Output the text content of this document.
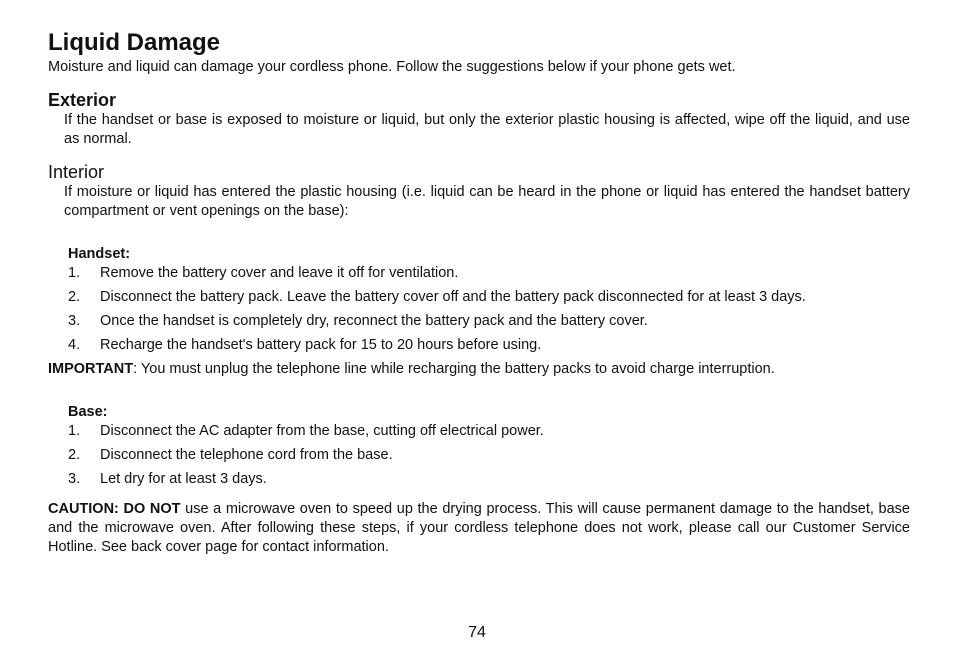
Liquid Damage

Moisture and liquid can damage your cordless phone. Follow the suggestions below if your phone gets wet.

Exterior

If the handset or base is exposed to moisture or liquid, but only the exterior plastic housing is affected, wipe off the liquid, and use as normal.

Interior

If moisture or liquid has entered the plastic housing (i.e. liquid can be heard in the phone or liquid has entered the handset battery compartment or vent openings on the base):

Handset:
1. Remove the battery cover and leave it off for ventilation.
2. Disconnect the battery pack. Leave the battery cover off and the battery pack disconnected for at least 3 days.
3. Once the handset is completely dry, reconnect the battery pack and the battery cover.
4. Recharge the handset's battery pack for 15 to 20 hours before using.

IMPORTANT: You must unplug the telephone line while recharging the battery packs to avoid charge interruption.

Base:
1. Disconnect the AC adapter from the base, cutting off electrical power.
2. Disconnect the telephone cord from the base.
3. Let dry for at least 3 days.

CAUTION: DO NOT use a microwave oven to speed up the drying process. This will cause permanent damage to the handset, base and the microwave oven. After following these steps, if your cordless telephone does not work, please call our Customer Service Hotline. See back cover page for contact information.

74
